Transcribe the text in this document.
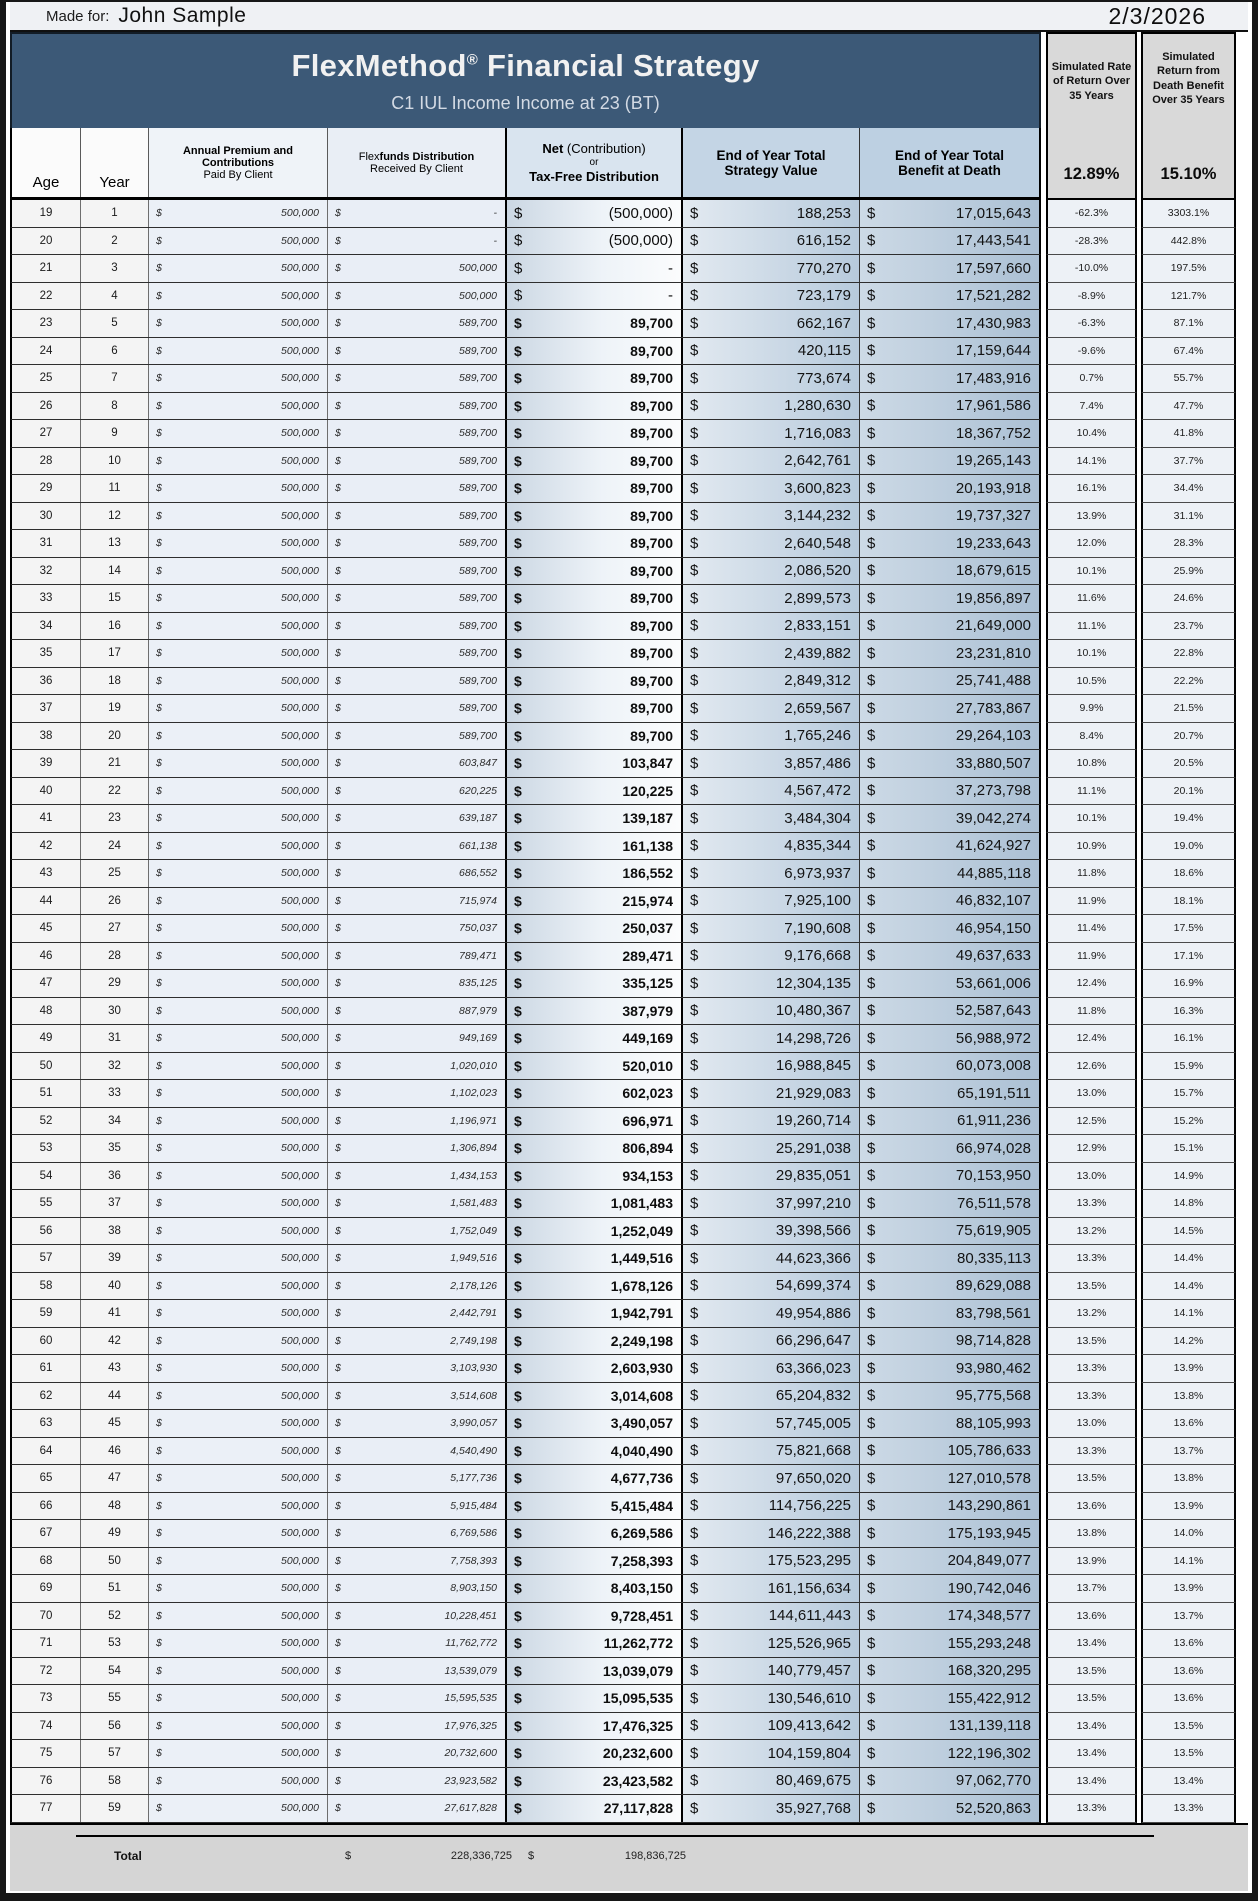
Made for: John Sample	2/3/2026
FlexMethod® Financial Strategy
C1 IUL Income Income at 23 (BT)
Age	Year
Annual Premium and
Contributions
Paid By Client
Flexfunds Distribution
Received By Client
Net (Contribution)
or
Tax-Free Distribution
End of Year Total
Strategy Value
End of Year Total
Benefit at Death
Simulated Rate of Return Over 35 Years
12.89%
Simulated Return from Death Benefit Over 35 Years
15.10%
19	1	$	500,000	$	-	$	(500,000)	$	188,253	$	17,015,643	-62.3%	3303.1%
20	2	$	500,000	$	-	$	(500,000)	$	616,152	$	17,443,541	-28.3%	442.8%
21	3	$	500,000	$	500,000	$	-	$	770,270	$	17,597,660	-10.0%	197.5%
22	4	$	500,000	$	500,000	$	-	$	723,179	$	17,521,282	-8.9%	121.7%
23	5	$	500,000	$	589,700	$	89,700	$	662,167	$	17,430,983	-6.3%	87.1%
24	6	$	500,000	$	589,700	$	89,700	$	420,115	$	17,159,644	-9.6%	67.4%
25	7	$	500,000	$	589,700	$	89,700	$	773,674	$	17,483,916	0.7%	55.7%
26	8	$	500,000	$	589,700	$	89,700	$	1,280,630	$	17,961,586	7.4%	47.7%
27	9	$	500,000	$	589,700	$	89,700	$	1,716,083	$	18,367,752	10.4%	41.8%
28	10	$	500,000	$	589,700	$	89,700	$	2,642,761	$	19,265,143	14.1%	37.7%
29	11	$	500,000	$	589,700	$	89,700	$	3,600,823	$	20,193,918	16.1%	34.4%
30	12	$	500,000	$	589,700	$	89,700	$	3,144,232	$	19,737,327	13.9%	31.1%
31	13	$	500,000	$	589,700	$	89,700	$	2,640,548	$	19,233,643	12.0%	28.3%
32	14	$	500,000	$	589,700	$	89,700	$	2,086,520	$	18,679,615	10.1%	25.9%
33	15	$	500,000	$	589,700	$	89,700	$	2,899,573	$	19,856,897	11.6%	24.6%
34	16	$	500,000	$	589,700	$	89,700	$	2,833,151	$	21,649,000	11.1%	23.7%
35	17	$	500,000	$	589,700	$	89,700	$	2,439,882	$	23,231,810	10.1%	22.8%
36	18	$	500,000	$	589,700	$	89,700	$	2,849,312	$	25,741,488	10.5%	22.2%
37	19	$	500,000	$	589,700	$	89,700	$	2,659,567	$	27,783,867	9.9%	21.5%
38	20	$	500,000	$	589,700	$	89,700	$	1,765,246	$	29,264,103	8.4%	20.7%
39	21	$	500,000	$	603,847	$	103,847	$	3,857,486	$	33,880,507	10.8%	20.5%
40	22	$	500,000	$	620,225	$	120,225	$	4,567,472	$	37,273,798	11.1%	20.1%
41	23	$	500,000	$	639,187	$	139,187	$	3,484,304	$	39,042,274	10.1%	19.4%
42	24	$	500,000	$	661,138	$	161,138	$	4,835,344	$	41,624,927	10.9%	19.0%
43	25	$	500,000	$	686,552	$	186,552	$	6,973,937	$	44,885,118	11.8%	18.6%
44	26	$	500,000	$	715,974	$	215,974	$	7,925,100	$	46,832,107	11.9%	18.1%
45	27	$	500,000	$	750,037	$	250,037	$	7,190,608	$	46,954,150	11.4%	17.5%
46	28	$	500,000	$	789,471	$	289,471	$	9,176,668	$	49,637,633	11.9%	17.1%
47	29	$	500,000	$	835,125	$	335,125	$	12,304,135	$	53,661,006	12.4%	16.9%
48	30	$	500,000	$	887,979	$	387,979	$	10,480,367	$	52,587,643	11.8%	16.3%
49	31	$	500,000	$	949,169	$	449,169	$	14,298,726	$	56,988,972	12.4%	16.1%
50	32	$	500,000	$	1,020,010	$	520,010	$	16,988,845	$	60,073,008	12.6%	15.9%
51	33	$	500,000	$	1,102,023	$	602,023	$	21,929,083	$	65,191,511	13.0%	15.7%
52	34	$	500,000	$	1,196,971	$	696,971	$	19,260,714	$	61,911,236	12.5%	15.2%
53	35	$	500,000	$	1,306,894	$	806,894	$	25,291,038	$	66,974,028	12.9%	15.1%
54	36	$	500,000	$	1,434,153	$	934,153	$	29,835,051	$	70,153,950	13.0%	14.9%
55	37	$	500,000	$	1,581,483	$	1,081,483	$	37,997,210	$	76,511,578	13.3%	14.8%
56	38	$	500,000	$	1,752,049	$	1,252,049	$	39,398,566	$	75,619,905	13.2%	14.5%
57	39	$	500,000	$	1,949,516	$	1,449,516	$	44,623,366	$	80,335,113	13.3%	14.4%
58	40	$	500,000	$	2,178,126	$	1,678,126	$	54,699,374	$	89,629,088	13.5%	14.4%
59	41	$	500,000	$	2,442,791	$	1,942,791	$	49,954,886	$	83,798,561	13.2%	14.1%
60	42	$	500,000	$	2,749,198	$	2,249,198	$	66,296,647	$	98,714,828	13.5%	14.2%
61	43	$	500,000	$	3,103,930	$	2,603,930	$	63,366,023	$	93,980,462	13.3%	13.9%
62	44	$	500,000	$	3,514,608	$	3,014,608	$	65,204,832	$	95,775,568	13.3%	13.8%
63	45	$	500,000	$	3,990,057	$	3,490,057	$	57,745,005	$	88,105,993	13.0%	13.6%
64	46	$	500,000	$	4,540,490	$	4,040,490	$	75,821,668	$	105,786,633	13.3%	13.7%
65	47	$	500,000	$	5,177,736	$	4,677,736	$	97,650,020	$	127,010,578	13.5%	13.8%
66	48	$	500,000	$	5,915,484	$	5,415,484	$	114,756,225	$	143,290,861	13.6%	13.9%
67	49	$	500,000	$	6,769,586	$	6,269,586	$	146,222,388	$	175,193,945	13.8%	14.0%
68	50	$	500,000	$	7,758,393	$	7,258,393	$	175,523,295	$	204,849,077	13.9%	14.1%
69	51	$	500,000	$	8,903,150	$	8,403,150	$	161,156,634	$	190,742,046	13.7%	13.9%
70	52	$	500,000	$	10,228,451	$	9,728,451	$	144,611,443	$	174,348,577	13.6%	13.7%
71	53	$	500,000	$	11,762,772	$	11,262,772	$	125,526,965	$	155,293,248	13.4%	13.6%
72	54	$	500,000	$	13,539,079	$	13,039,079	$	140,779,457	$	168,320,295	13.5%	13.6%
73	55	$	500,000	$	15,595,535	$	15,095,535	$	130,546,610	$	155,422,912	13.5%	13.6%
74	56	$	500,000	$	17,976,325	$	17,476,325	$	109,413,642	$	131,139,118	13.4%	13.5%
75	57	$	500,000	$	20,732,600	$	20,232,600	$	104,159,804	$	122,196,302	13.4%	13.5%
76	58	$	500,000	$	23,923,582	$	23,423,582	$	80,469,675	$	97,062,770	13.4%	13.4%
77	59	$	500,000	$	27,617,828	$	27,117,828	$	35,927,768	$	52,520,863	13.3%	13.3%
Total	$	228,336,725 $	198,836,725
